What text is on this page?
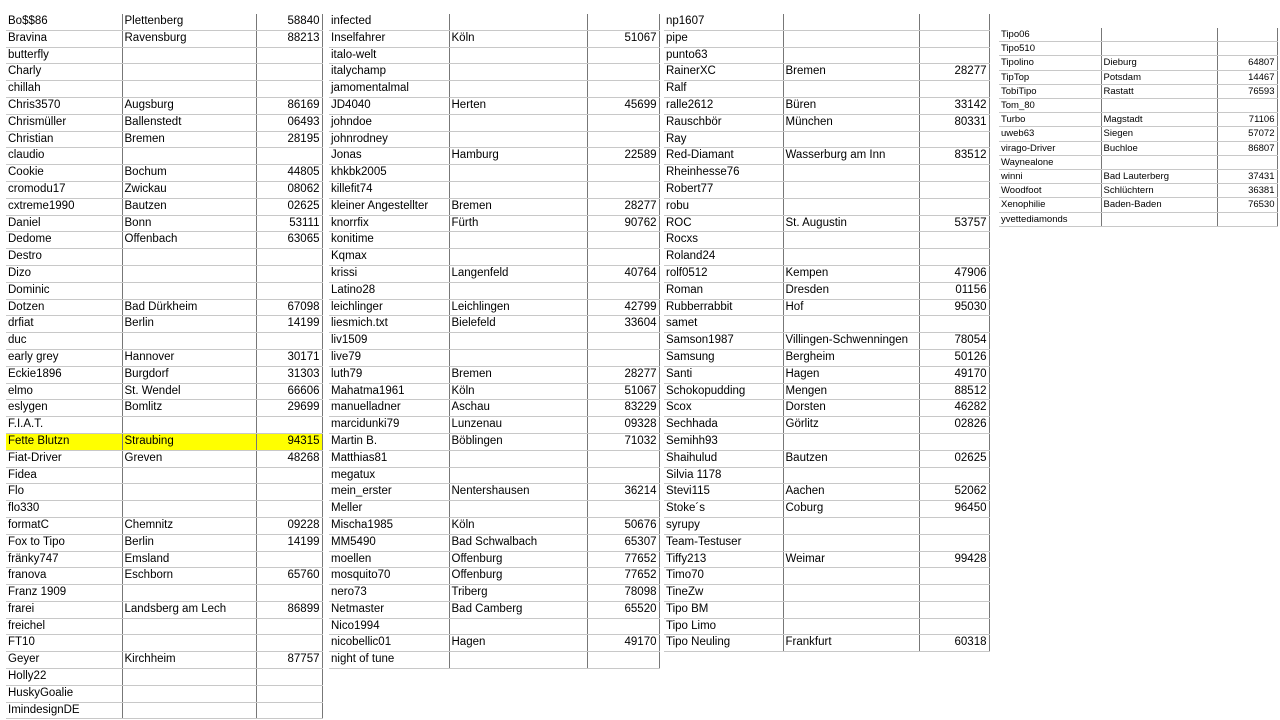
Bo$$86	Plettenberg	58840
Bravina	Ravensburg	88213
butterfly		
Charly		
chillah		
Chris3570	Augsburg	86169
Chrismüller	Ballenstedt	06493
Christian	Bremen	28195
claudio		
Cookie	Bochum	44805
cromodu17	Zwickau	08062
cxtreme1990	Bautzen	02625
Daniel	Bonn	53111
Dedome	Offenbach	63065
Destro		
Dizo		
Dominic		
Dotzen	Bad Dürkheim	67098
drfiat	Berlin	14199
duc		
early grey	Hannover	30171
Eckie1896	Burgdorf	31303
elmo	St. Wendel	66606
eslygen	Bomlitz	29699
F.I.A.T.		
Fette Blutzn	Straubing	94315
Fiat-Driver	Greven	48268
Fidea		
Flo		
flo330		
formatC	Chemnitz	09228
Fox to Tipo	Berlin	14199
fränky747	Emsland	
franova	Eschborn	65760
Franz 1909		
frarei	Landsberg am Lech	86899
freichel		
FT10		
Geyer	Kirchheim	87757
Holly22		
HuskyGoalie		
ImindesignDE		
infected		
Inselfahrer	Köln	51067
italo-welt		
italychamp		
jamomentalmal		
JD4040	Herten	45699
johndoe		
johnrodney		
Jonas	Hamburg	22589
khkbk2005		
killefit74		
kleiner Angestellter	Bremen	28277
knorrfix	Fürth	90762
konitime		
Kqmax		
krissi	Langenfeld	40764
Latino28		
leichlinger	Leichlingen	42799
liesmich.txt	Bielefeld	33604
liv1509		
live79		
luth79	Bremen	28277
Mahatma1961	Köln	51067
manuelladner	Aschau	83229
marcidunki79	Lunzenau	09328
Martin B.	Böblingen	71032
Matthias81		
megatux		
mein_erster	Nentershausen	36214
Meller		
Mischa1985	Köln	50676
MM5490	Bad Schwalbach	65307
moellen	Offenburg	77652
mosquito70	Offenburg	77652
nero73	Triberg	78098
Netmaster	Bad Camberg	65520
Nico1994		
nicobellic01	Hagen	49170
night of tune		
np1607		
pipe		
punto63		
RainerXC	Bremen	28277
Ralf		
ralle2612	Büren	33142
Rauschbör	München	80331
Ray		
Red-Diamant	Wasserburg am Inn	83512
Rheinhesse76		
Robert77		
robu		
ROC	St. Augustin	53757
Rocxs		
Roland24		
rolf0512	Kempen	47906
Roman	Dresden	01156
Rubberrabbit	Hof	95030
samet		
Samson1987	Villingen-Schwenningen	78054
Samsung	Bergheim	50126
Santi	Hagen	49170
Schokopudding	Mengen	88512
Scox	Dorsten	46282
Sechhada	Görlitz	02826
Semihh93		
Shaihulud	Bautzen	02625
Silvia 1178		
Stevi115	Aachen	52062
Stoke´s	Coburg	96450
syrupy		
Team-Testuser		
Tiffy213	Weimar	99428
Timo70		
TineZw		
Tipo BM		
Tipo Limo		
Tipo Neuling	Frankfurt	60318
Tipo06		
Tipo510		
Tipolino	Dieburg	64807
TipTop	Potsdam	14467
TobiTipo	Rastatt	76593
Tom_80		
Turbo	Magstadt	71106
uweb63	Siegen	57072
virago-Driver	Buchloe	86807
Waynealone		
winni	Bad Lauterberg	37431
Woodfoot	Schlüchtern	36381
Xenophilie	Baden-Baden	76530
yvettediamonds		
